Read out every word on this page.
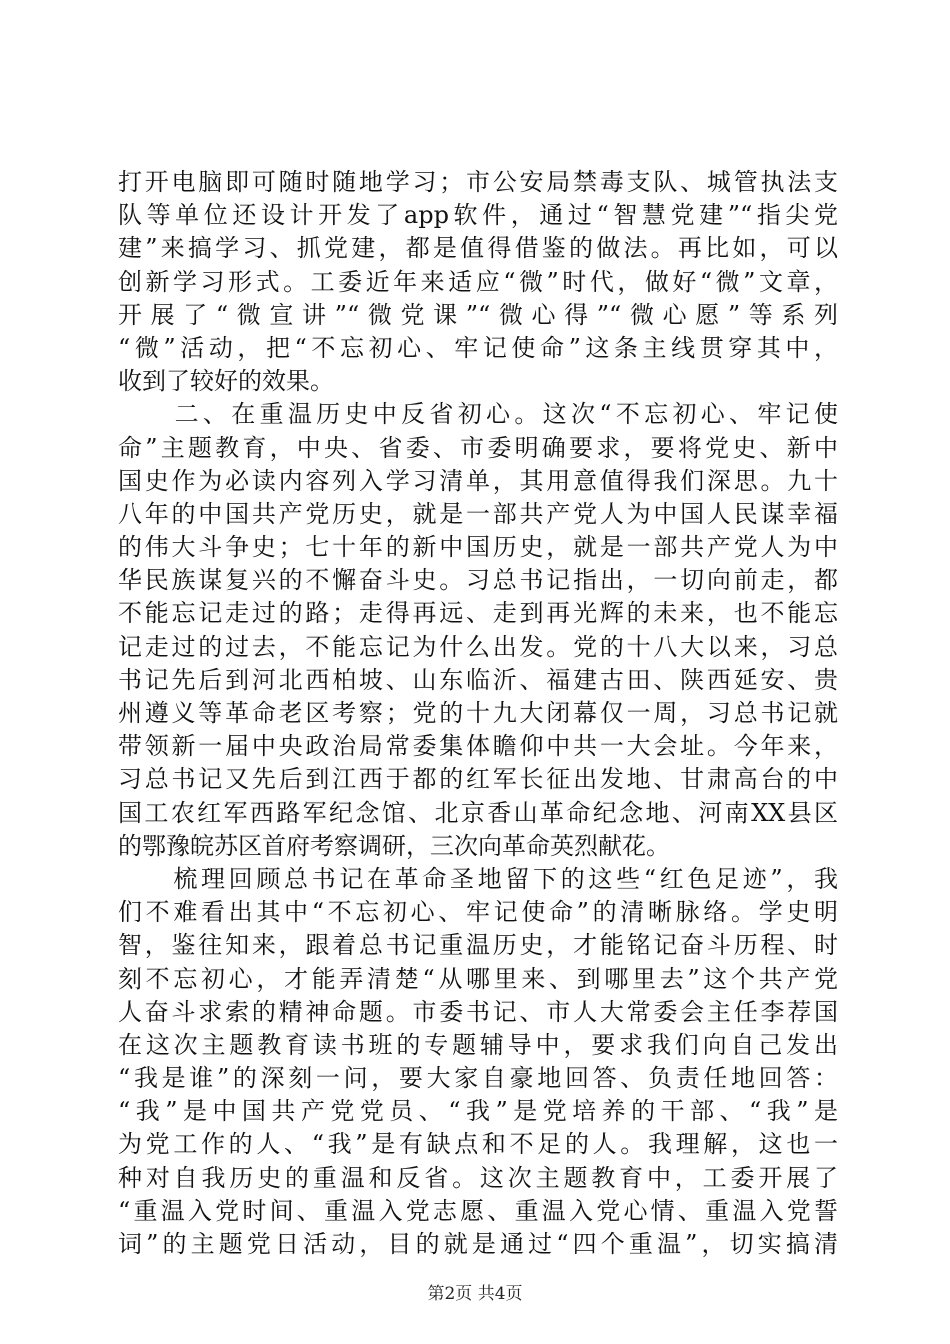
打开电脑即可随时随地学习；市公安局禁毒支队、城管执法支
队等单位还设计开发了app软件，通过“智慧党建”“指尖党
建”来搞学习、抓党建，都是值得借鉴的做法。再比如，可以
创新学习形式。工委近年来适应“微”时代，做好“微”文章，
开展了“微宣讲”“微党课”“微心得”“微心愿”等系列
“微”活动，把“不忘初心、牢记使命”这条主线贯穿其中，
收到了较好的效果。
　　二、在重温历史中反省初心。这次“不忘初心、牢记使
命”主题教育，中央、省委、市委明确要求，要将党史、新中
国史作为必读内容列入学习清单，其用意值得我们深思。九十
八年的中国共产党历史，就是一部共产党人为中国人民谋幸福
的伟大斗争史；七十年的新中国历史，就是一部共产党人为中
华民族谋复兴的不懈奋斗史。习总书记指出，一切向前走，都
不能忘记走过的路；走得再远、走到再光辉的未来，也不能忘
记走过的过去，不能忘记为什么出发。党的十八大以来，习总
书记先后到河北西柏坡、山东临沂、福建古田、陕西延安、贵
州遵义等革命老区考察；党的十九大闭幕仅一周，习总书记就
带领新一届中央政治局常委集体瞻仰中共一大会址。今年来，
习总书记又先后到江西于都的红军长征出发地、甘肃高台的中
国工农红军西路军纪念馆、北京香山革命纪念地、河南XX县区
的鄂豫皖苏区首府考察调研，三次向革命英烈献花。
　　梳理回顾总书记在革命圣地留下的这些“红色足迹”，我
们不难看出其中“不忘初心、牢记使命”的清晰脉络。学史明
智，鉴往知来，跟着总书记重温历史，才能铭记奋斗历程、时
刻不忘初心，才能弄清楚“从哪里来、到哪里去”这个共产党
人奋斗求索的精神命题。市委书记、市人大常委会主任李荐国
在这次主题教育读书班的专题辅导中，要求我们向自己发出
“我是谁”的深刻一问，要大家自豪地回答、负责任地回答：
“我”是中国共产党党员、“我”是党培养的干部、“我”是
为党工作的人、“我”是有缺点和不足的人。我理解，这也一
种对自我历史的重温和反省。这次主题教育中，工委开展了
“重温入党时间、重温入党志愿、重温入党心情、重温入党誓
词”的主题党日活动，目的就是通过“四个重温”，切实搞清
第2页 共4页
